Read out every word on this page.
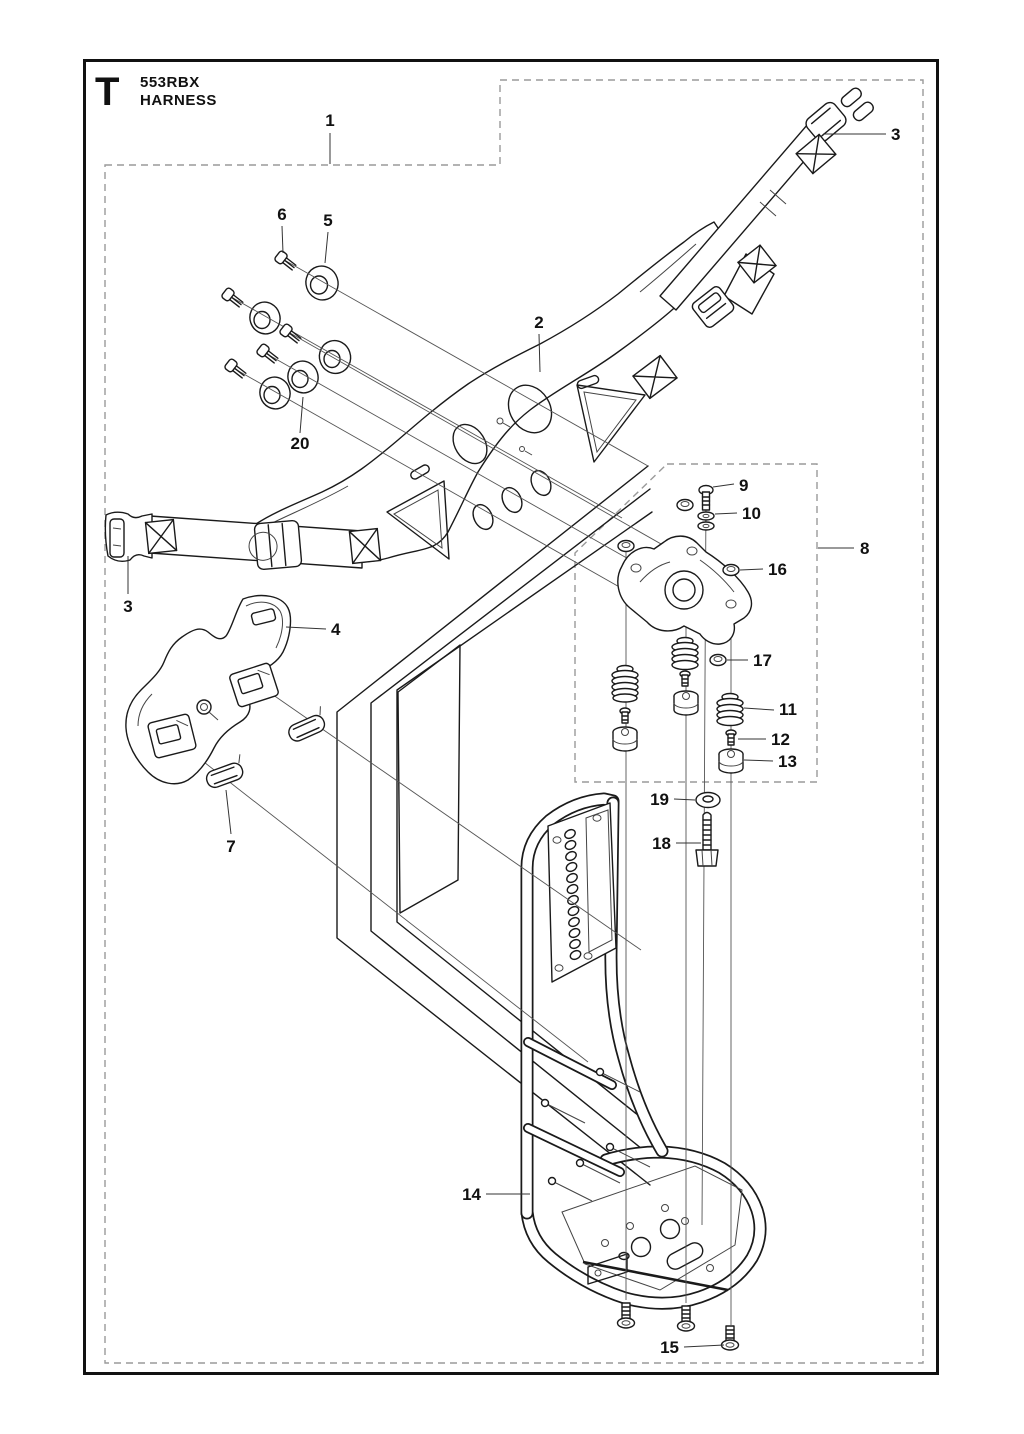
T 553RBX
HARNESS
1
2
3
3
4
5
6
7
8
9
10
16
17
11
12
13
19
18
20
14
15
